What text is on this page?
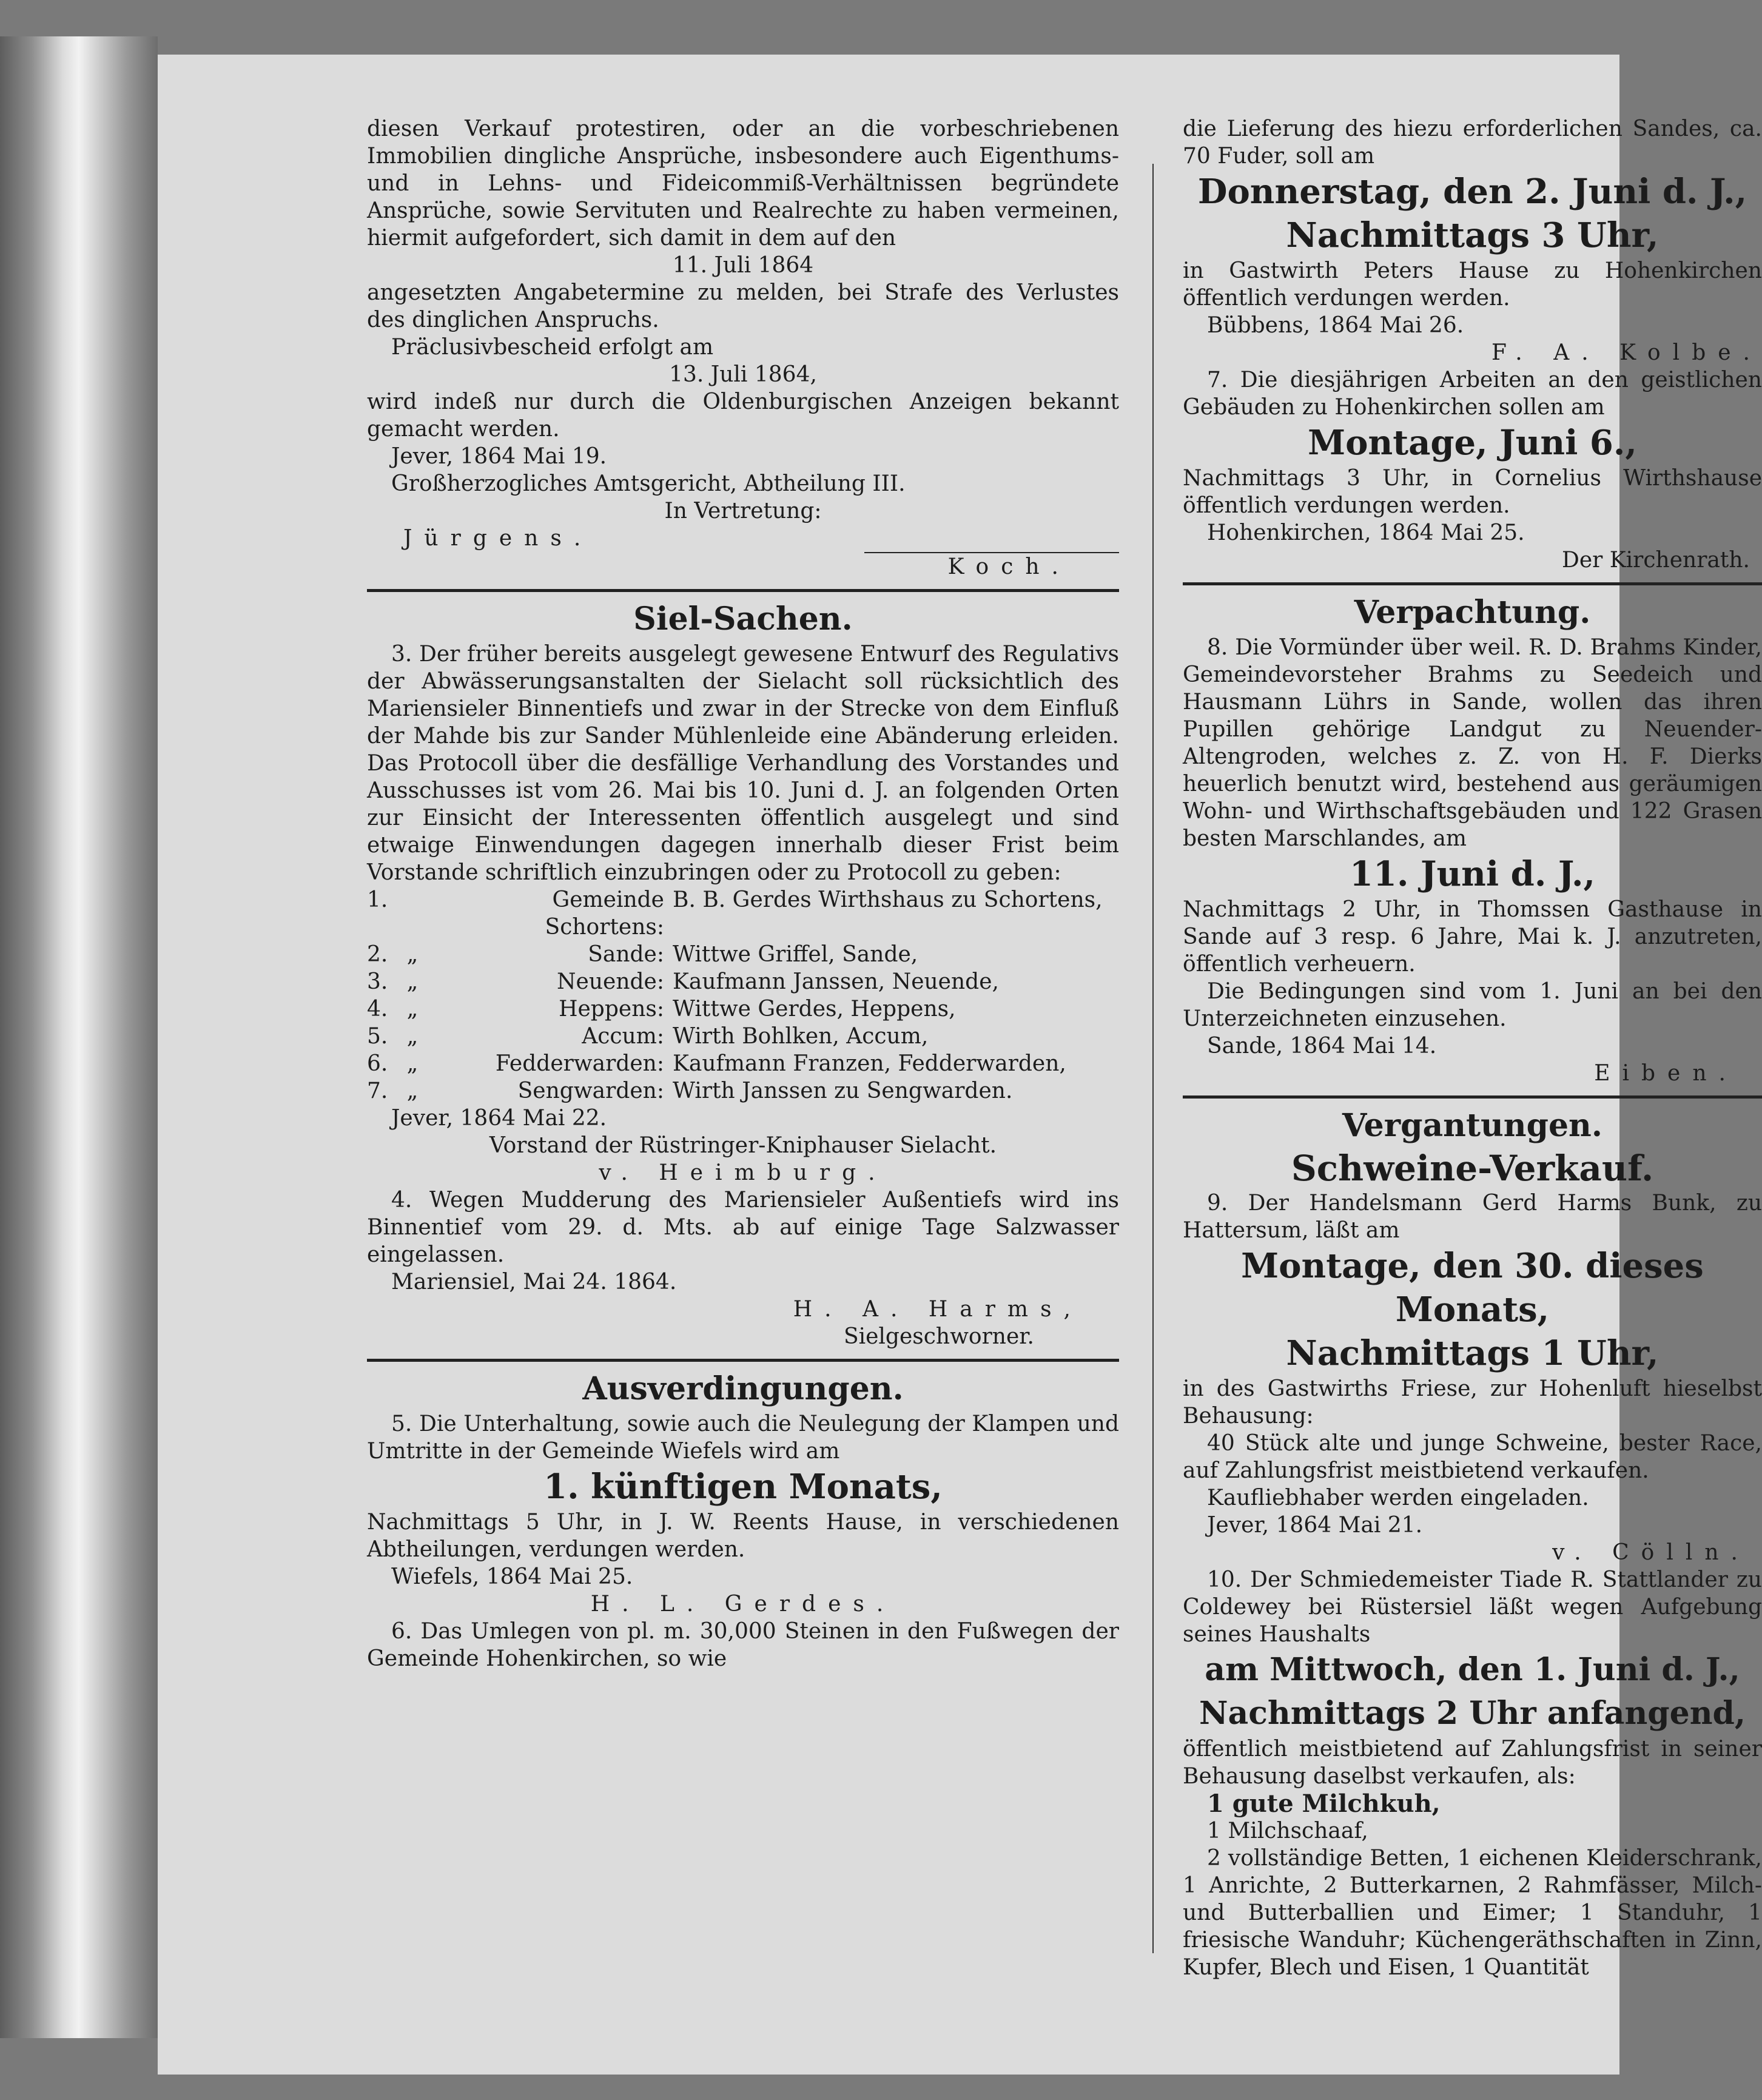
diesen Verkauf protestiren, oder an die vorbeschriebenen Immobilien dingliche Ansprüche, insbesondere auch Eigenthums- und in Lehns- und Fideicommiß-Verhältnissen begründete Ansprüche, sowie Servituten und Realrechte zu haben vermeinen, hiermit aufgefordert, sich damit in dem auf den

11. Juli 1864

angesetzten Angabetermine zu melden, bei Strafe des Verlustes des dinglichen Anspruchs.

Präclusivbescheid erfolgt am

13. Juli 1864,

wird indeß nur durch die Oldenburgischen Anzeigen bekannt gemacht werden.

Jever, 1864 Mai 19.

Großherzogliches Amtsgericht, Abtheilung III.

In Vertretung:

Jürgens.

Koch.

Siel-Sachen.

3. Der früher bereits ausgelegt gewesene Entwurf des Regulativs der Abwässerungsanstalten der Sielacht soll rücksichtlich des Mariensieler Binnentiefs und zwar in der Strecke von dem Einfluß der Mahde bis zur Sander Mühlenleide eine Abänderung erleiden. Das Protocoll über die desfällige Verhandlung des Vorstandes und Ausschusses ist vom 26. Mai bis 10. Juni d. J. an folgenden Orten zur Einsicht der Interessenten öffentlich ausgelegt und sind etwaige Einwendungen dagegen innerhalb dieser Frist beim Vorstande schriftlich einzubringen oder zu Protocoll zu geben:

1.		Gemeinde Schortens:	B. B. Gerdes Wirthshaus zu Schortens,
2.	„	Sande:	Wittwe Griffel, Sande,
3.	„	Neuende:	Kaufmann Janssen, Neuende,
4.	„	Heppens:	Wittwe Gerdes, Heppens,
5.	„	Accum:	Wirth Bohlken, Accum,
6.	„	Fedderwarden:	Kaufmann Franzen, Fedderwarden,
7.	„	Sengwarden:	Wirth Janssen zu Sengwarden.

Jever, 1864 Mai 22.

Vorstand der Rüstringer-Kniphauser Sielacht.

v. Heimburg.

4. Wegen Mudderung des Mariensieler Außentiefs wird ins Binnentief vom 29. d. Mts. ab auf einige Tage Salzwasser eingelassen.

Mariensiel, Mai 24. 1864.

H. A. Harms,

Sielgeschworner.

Ausverdingungen.

5. Die Unterhaltung, sowie auch die Neulegung der Klampen und Umtritte in der Gemeinde Wiefels wird am

1. künftigen Monats,

Nachmittags 5 Uhr, in J. W. Reents Hause, in verschiedenen Abtheilungen, verdungen werden.

Wiefels, 1864 Mai 25.

H. L. Gerdes.

6. Das Umlegen von pl. m. 30,000 Steinen in den Fußwegen der Gemeinde Hohenkirchen, so wie

die Lieferung des hiezu erforderlichen Sandes, ca. 70 Fuder, soll am

Donnerstag, den 2. Juni d. J.,

Nachmittags 3 Uhr,

in Gastwirth Peters Hause zu Hohenkirchen öffentlich verdungen werden.

Bübbens, 1864 Mai 26.

F. A. Kolbe.

7. Die diesjährigen Arbeiten an den geistlichen Gebäuden zu Hohenkirchen sollen am

Montage, Juni 6.,

Nachmittags 3 Uhr, in Cornelius Wirthshause öffentlich verdungen werden.

Hohenkirchen, 1864 Mai 25.

Der Kirchenrath.

Verpachtung.

8. Die Vormünder über weil. R. D. Brahms Kinder, Gemeindevorsteher Brahms zu Seedeich und Hausmann Lührs in Sande, wollen das ihren Pupillen gehörige Landgut zu Neuender-Altengroden, welches z. Z. von H. F. Dierks heuerlich benutzt wird, bestehend aus geräumigen Wohn- und Wirthschaftsgebäuden und 122 Grasen besten Marschlandes, am

11. Juni d. J.,

Nachmittags 2 Uhr, in Thomssen Gasthause in Sande auf 3 resp. 6 Jahre, Mai k. J. anzutreten, öffentlich verheuern.

Die Bedingungen sind vom 1. Juni an bei den Unterzeichneten einzusehen.

Sande, 1864 Mai 14.

Eiben.

Vergantungen.

Schweine-Verkauf.

9. Der Handelsmann Gerd Harms Bunk, zu Hattersum, läßt am

Montage, den 30. dieses Monats,

Nachmittags 1 Uhr,

in des Gastwirths Friese, zur Hohenluft hieselbst Behausung:

40 Stück alte und junge Schweine, bester Race, auf Zahlungsfrist meistbietend verkaufen.

Kaufliebhaber werden eingeladen.

Jever, 1864 Mai 21.

v. Cölln.

10. Der Schmiedemeister Tiade R. Stattlander zu Coldewey bei Rüstersiel läßt wegen Aufgebung seines Haushalts

am Mittwoch, den 1. Juni d. J.,

Nachmittags 2 Uhr anfangend,

öffentlich meistbietend auf Zahlungsfrist in seiner Behausung daselbst verkaufen, als:

1 gute Milchkuh,

1 Milchschaaf,

2 vollständige Betten, 1 eichenen Kleiderschrank, 1 Anrichte, 2 Butterkarnen, 2 Rahmfässer, Milch- und Butterballien und Eimer; 1 Standuhr, 1 friesische Wanduhr; Küchengeräthschaften in Zinn, Kupfer, Blech und Eisen, 1 Quantität
